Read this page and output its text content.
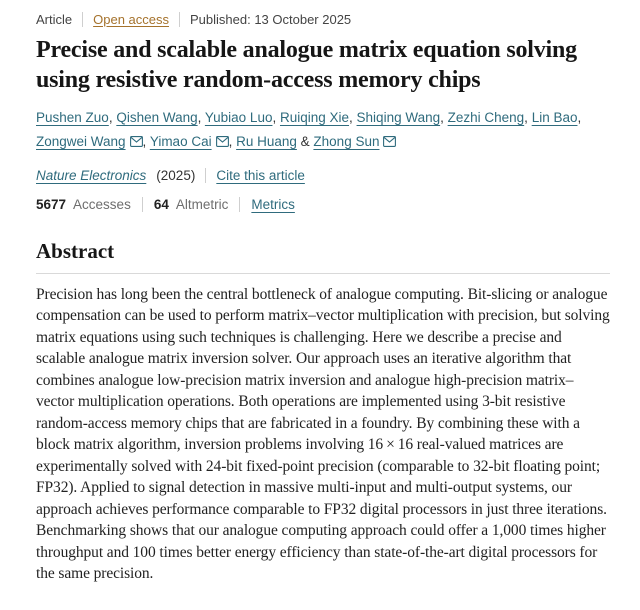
Article Open access Published: 13 October 2025
Precise and scalable analogue matrix equation solving using resistive random-access memory chips
Pushen Zuo, Qishen Wang, Yubiao Luo, Ruiqing Xie, Shiqing Wang, Zezhi Cheng, Lin Bao, Zongwei Wang , Yimao Cai , Ru Huang & Zhong Sun
Nature Electronics (2025) Cite this article
5677 Accesses 64 Altmetric Metrics
Abstract

Precision has long been the central bottleneck of analogue computing. Bit-slicing or analogue compensation can be used to perform matrix–vector multiplication with precision, but solving matrix equations using such techniques is challenging. Here we describe a precise and scalable analogue matrix inversion solver. Our approach uses an iterative algorithm that combines analogue low-precision matrix inversion and analogue high-precision matrix–vector multiplication operations. Both operations are implemented using 3-bit resistive random-access memory chips that are fabricated in a foundry. By combining these with a block matrix algorithm, inversion problems involving 16 × 16 real-valued matrices are experimentally solved with 24-bit fixed-point precision (comparable to 32-bit floating point; FP32). Applied to signal detection in massive multi-input and multi-output systems, our approach achieves performance comparable to FP32 digital processors in just three iterations. Benchmarking shows that our analogue computing approach could offer a 1,000 times higher throughput and 100 times better energy efficiency than state-of-the-art digital processors for the same precision.
